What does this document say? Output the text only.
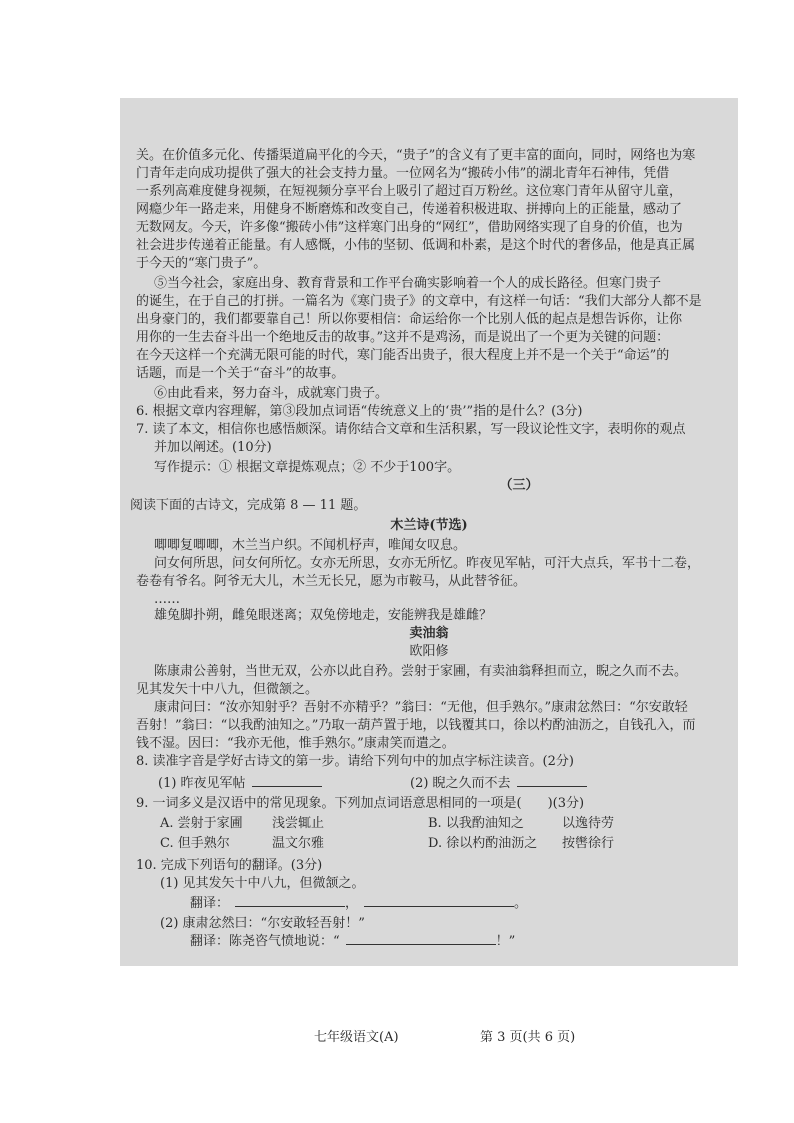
关。在价值多元化、传播渠道扁平化的今天，“贵子”的含义有了更丰富的面向，同时，网络也为寒
门青年走向成功提供了强大的社会支持力量。一位网名为“搬砖小伟”的湖北青年石神伟，凭借
一系列高难度健身视频，在短视频分享平台上吸引了超过百万粉丝。这位寒门青年从留守儿童，
网瘾少年一路走来，用健身不断磨炼和改变自己，传递着积极进取、拼搏向上的正能量，感动了
无数网友。今天，许多像“搬砖小伟”这样寒门出身的“网红”，借助网络实现了自身的价值，也为
社会进步传递着正能量。有人感慨，小伟的坚韧、低调和朴素，是这个时代的奢侈品，他是真正属
于今天的“寒门贵子”。
⑤当今社会，家庭出身、教育背景和工作平台确实影响着一个人的成长路径。但寒门贵子
的诞生，在于自己的打拼。一篇名为《寒门贵子》的文章中，有这样一句话：“我们大部分人都不是
出身豪门的，我们都要靠自己！所以你要相信：命运给你一个比别人低的起点是想告诉你，让你
用你的一生去奋斗出一个绝地反击的故事。”这并不是鸡汤，而是说出了一个更为关键的问题：
在今天这样一个充满无限可能的时代，寒门能否出贵子，很大程度上并不是一个关于“命运”的
话题，而是一个关于“奋斗”的故事。
⑥由此看来，努力奋斗，成就寒门贵子。
6. 根据文章内容理解，第③段加点词语“传统意义上的‘贵’”指的是什么？(3分)
7. 读了本文，相信你也感悟颇深。请你结合文章和生活积累，写一段议论性文字，表明你的观点
并加以阐述。(10分)
写作提示：① 根据文章提炼观点；② 不少于100字。
（三）
阅读下面的古诗文，完成第 8 — 11 题。
木兰诗(节选)
唧唧复唧唧，木兰当户织。不闻机杼声，唯闻女叹息。
问女何所思，问女何所忆。女亦无所思，女亦无所忆。昨夜见军帖，可汗大点兵，军书十二卷，
卷卷有爷名。阿爷无大儿，木兰无长兄，愿为市鞍马，从此替爷征。
……
雄兔脚扑朔，雌兔眼迷离；双兔傍地走，安能辨我是雄雌？
卖油翁
欧阳修
陈康肃公善射，当世无双，公亦以此自矜。尝射于家圃，有卖油翁释担而立，睨之久而不去。
见其发矢十中八九，但微颔之。
康肃问曰：“汝亦知射乎？吾射不亦精乎？”翁曰：“无他，但手熟尔。”康肃忿然曰：“尔安敢轻
吾射！”翁曰：“以我酌油知之。”乃取一葫芦置于地，以钱覆其口，徐以杓酌油沥之，自钱孔入，而
钱不湿。因曰：“我亦无他，惟手熟尔。”康肃笑而遣之。
8. 读准字音是学好古诗文的第一步。请给下列句中的加点字标注读音。(2分)
(1) 昨夜见军帖	(2) 睨之久而不去
9. 一词多义是汉语中的常见现象。下列加点词语意思相同的一项是(　　)(3分)
A. 尝射于家圃 浅尝辄止	B. 以我酌油知之	以逸待劳
C. 但手熟尔	温文尔雅	D. 徐以杓酌油沥之 按辔徐行
10. 完成下列语句的翻译。(3分)
(1) 见其发矢十中八九，但微颔之。
翻译：	，	。
(2) 康肃忿然曰：“尔安敢轻吾射！”
翻译：陈尧咨气愤地说：“	！”
七年级语文(A)	第 3 页(共 6 页)
